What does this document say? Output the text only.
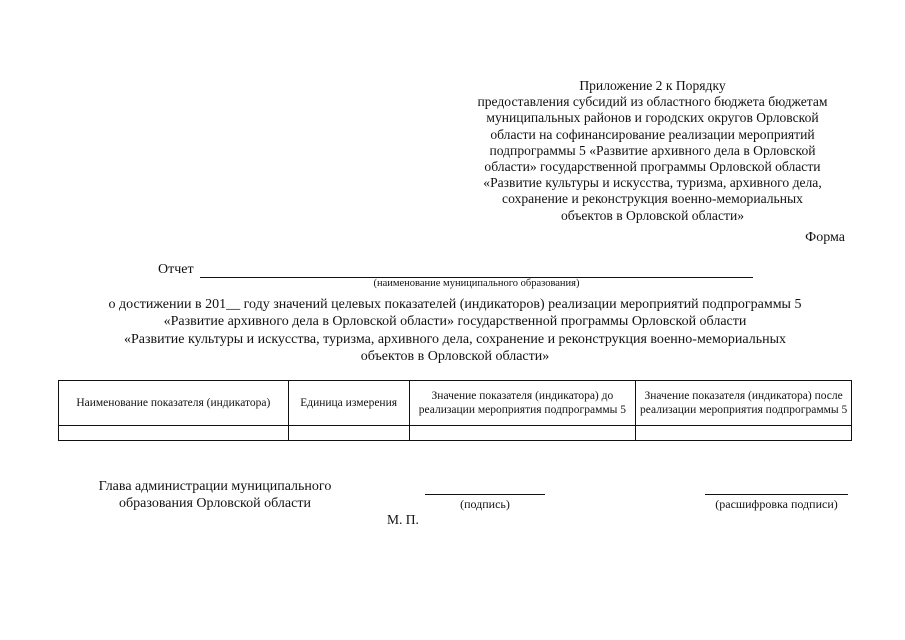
Приложение 2 к Порядку
предоставления субсидий из областного бюджета бюджетам
муниципальных районов и городских округов Орловской
области на софинансирование реализации мероприятий
подпрограммы 5 «Развитие архивного дела в Орловской
области» государственной программы Орловской области
«Развитие культуры и искусства, туризма, архивного дела,
сохранение и реконструкция военно-мемориальных
объектов в Орловской области»
Форма
Отчет
(наименование муниципального образования)
о достижении в 201__ году значений целевых показателей (индикаторов) реализации мероприятий подпрограммы 5
«Развитие архивного дела в Орловской области» государственной программы Орловской области
«Развитие культуры и искусства, туризма, архивного дела, сохранение и реконструкция военно-мемориальных
объектов в Орловской области»
Наименование показателя (индикатора)	Единица измерения	Значение показателя (индикатора) до реализации мероприятия подпрограммы 5	Значение показателя (индикатора) после реализации мероприятия подпрограммы 5

Глава администрации муниципального
образования Орловской области	(подпись)	(расшифровка подписи)
М. П.
